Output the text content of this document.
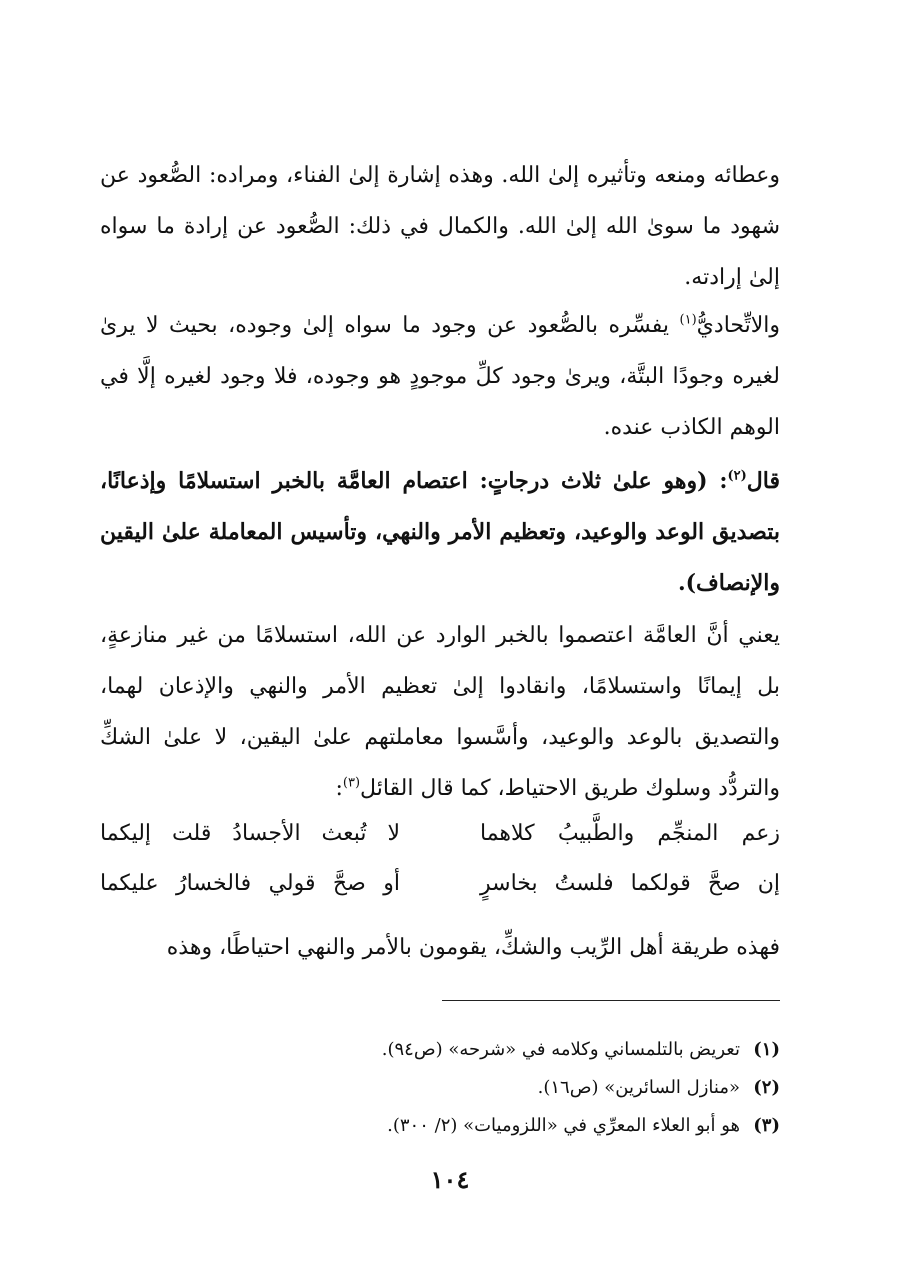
وعطائه ومنعه وتأثيره إلىٰ الله. وهذه إشارة إلىٰ الفناء، ومراده: الصُّعود عن شهود ما سوىٰ الله إلىٰ الله. والكمال في ذلك: الصُّعود عن إرادة ما سواه إلىٰ إرادته.

والاتِّحاديُّ$^{(١)}$ يفسِّره بالصُّعود عن وجود ما سواه إلىٰ وجوده، بحيث لا يرىٰ لغيره وجودًا البتَّة، ويرىٰ وجود كلِّ موجودٍ هو وجوده، فلا وجود لغيره إلَّا في الوهم الكاذب عنده.

قال$^{(٢)}$: (وهو علىٰ ثلاث درجاتٍ: اعتصام العامَّة بالخبر استسلامًا وإذعانًا، بتصديق الوعد والوعيد، وتعظيم الأمر والنهي، وتأسيس المعاملة علىٰ اليقين والإنصاف).

يعني أنَّ العامَّة اعتصموا بالخبر الوارد عن الله، استسلامًا من غير منازعةٍ، بل إيمانًا واستسلامًا، وانقادوا إلىٰ تعظيم الأمر والنهي والإذعان لهما، والتصديق بالوعد والوعيد، وأسَّسوا معاملتهم علىٰ اليقين، لا علىٰ الشكِّ والتردُّد وسلوك طريق الاحتياط، كما قال القائل$^{(٣)}$:

زعم المنجِّم والطَّبيبُ كلاهما
لا تُبعث الأجسادُ قلت إليكما
إن صحَّ قولكما فلستُ بخاسرٍ
أو صحَّ قولي فالخسارُ عليكما

فهذه طريقة أهل الرِّيب والشكِّ، يقومون بالأمر والنهي احتياطًا، وهذه

(١)
تعريض بالتلمساني وكلامه في «شرحه» (ص٩٤).
(٢)
«منازل السائرين» (ص١٦).
(٣)
هو أبو العلاء المعرِّي في «اللزوميات» (٢/ ٣٠٠).
١٠٤
